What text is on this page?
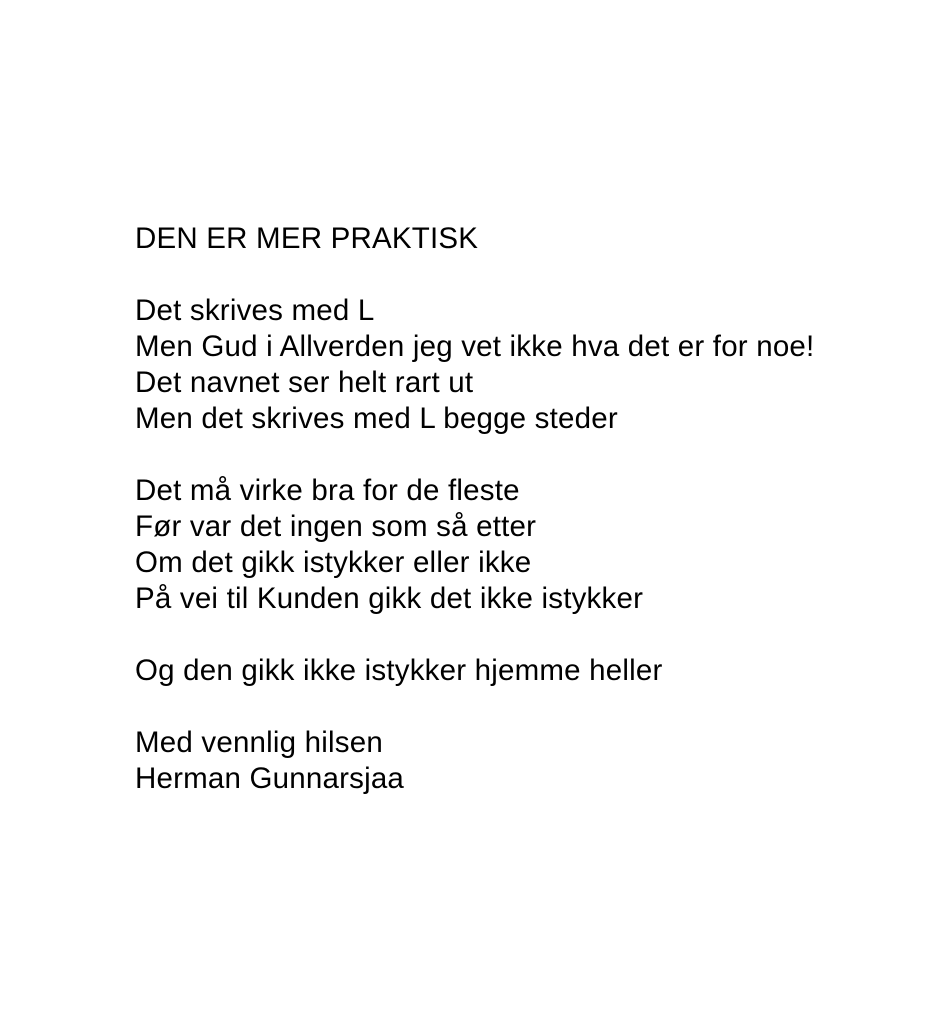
DEN ER MER PRAKTISK
Det skrives med L
Men Gud i Allverden jeg vet ikke hva det er for noe!
Det navnet ser helt rart ut
Men det skrives med L begge steder
Det må virke bra for de fleste
Før var det ingen som så etter
Om det gikk istykker eller ikke
På vei til Kunden gikk det ikke istykker
Og den gikk ikke istykker hjemme heller
Med vennlig hilsen
Herman Gunnarsjaa
